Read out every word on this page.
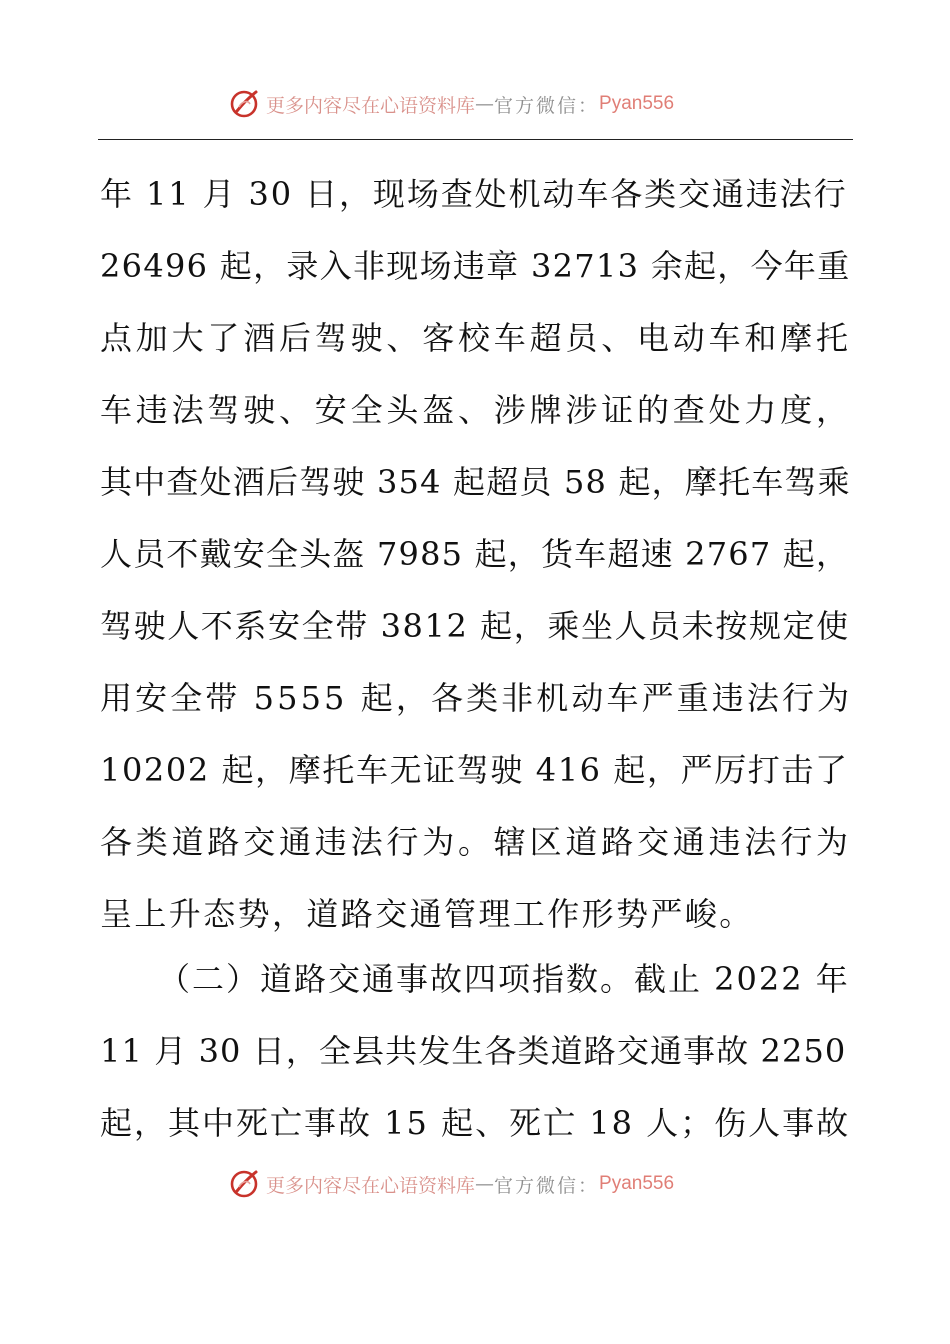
更多内容尽在心语资料库 — 官方微信： Pyan556
年 11 月 30 日，现场查处机动车各类交通违法行
26496 起，录入非现场违章 32713 余起，今年重
点加大了酒后驾驶、客校车超员、电动车和摩托
车违法驾驶、安全头盔、涉牌涉证的查处力度，
其中查处酒后驾驶 354 起超员 58 起，摩托车驾乘
人员不戴安全头盔 7985 起，货车超速 2767 起，
驾驶人不系安全带 3812 起，乘坐人员未按规定使
用安全带 5555 起，各类非机动车严重违法行为
10202 起，摩托车无证驾驶 416 起，严厉打击了
各类道路交通违法行为。辖区道路交通违法行为
呈上升态势，道路交通管理工作形势严峻。
（二）道路交通事故四项指数。截止 2022 年
11 月 30 日，全县共发生各类道路交通事故 2250
起，其中死亡事故 15 起、死亡 18 人；伤人事故
更多内容尽在心语资料库 — 官方微信： Pyan556
